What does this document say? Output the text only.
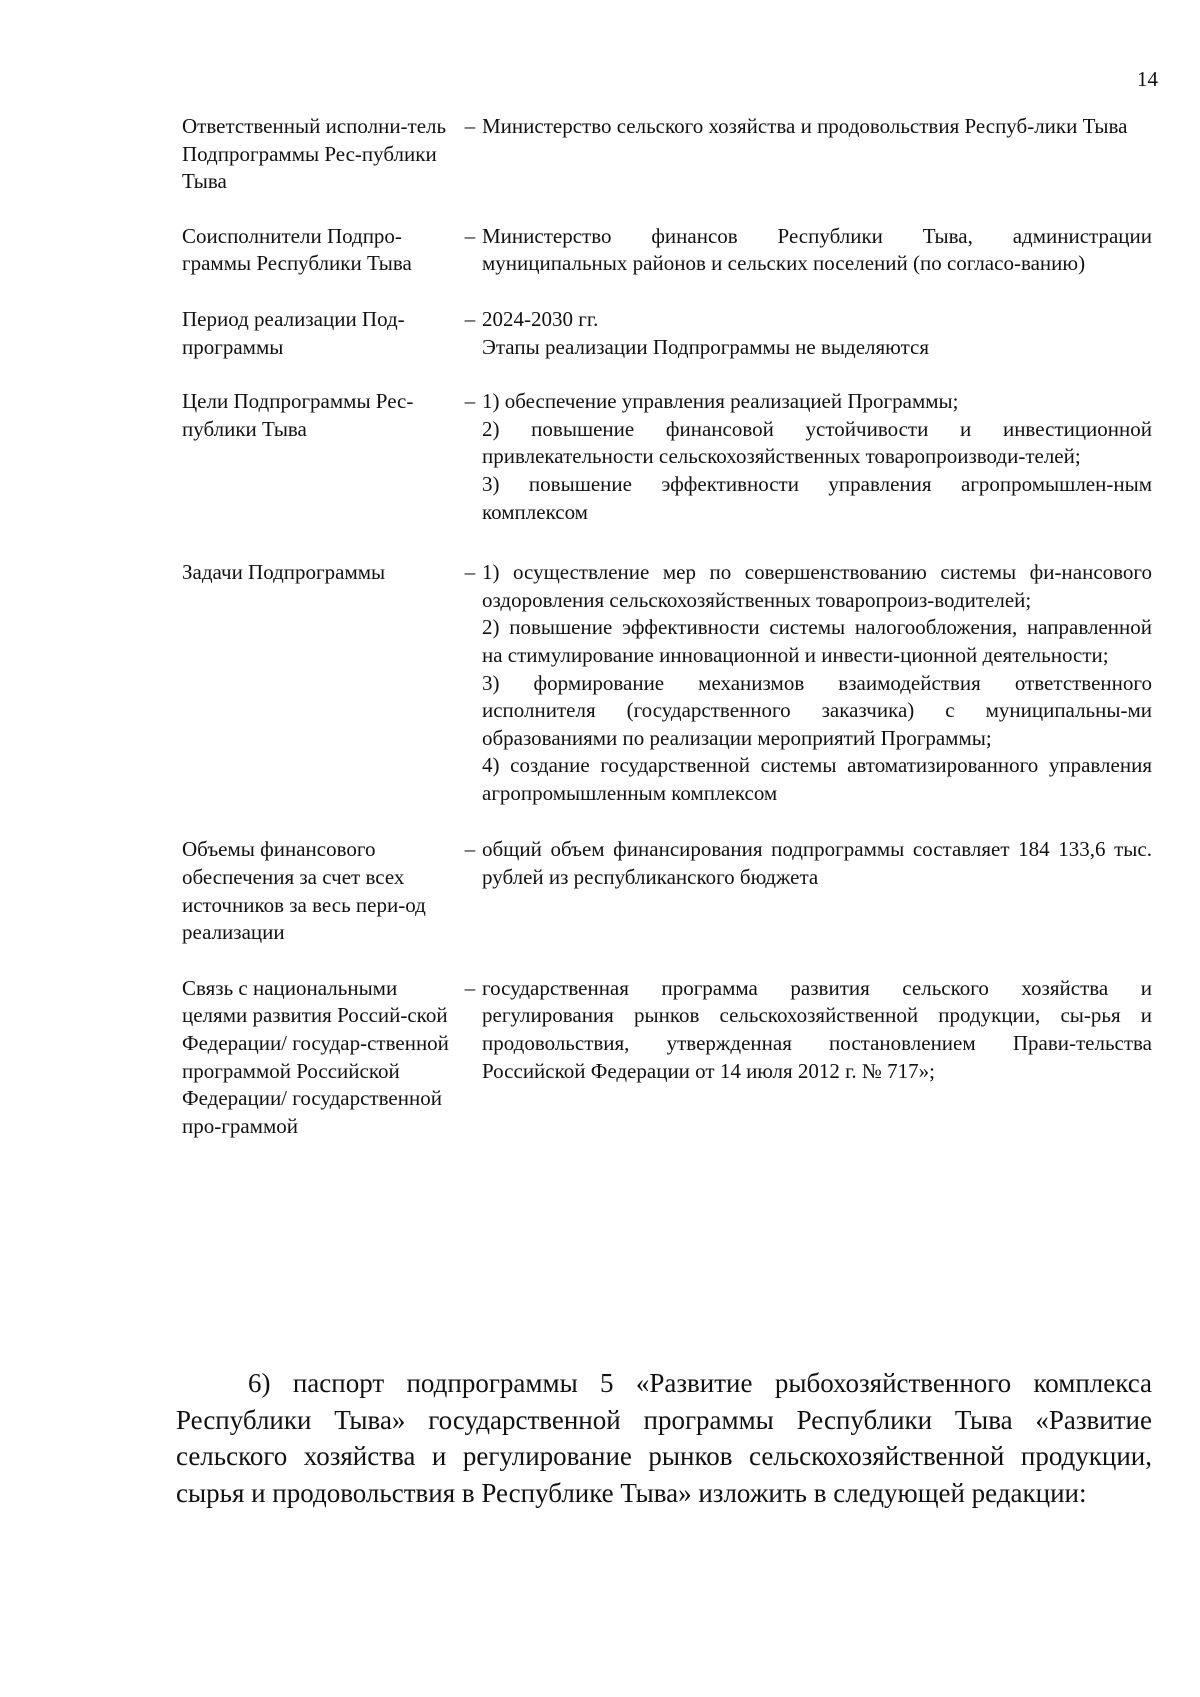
14
Ответственный исполни-тель Подпрограммы Рес-публики Тыва
– Министерство сельского хозяйства и продовольствия Респуб-лики Тыва
Соисполнители Подпро-граммы Республики Тыва
– Министерство финансов Республики Тыва, администрации муниципальных районов и сельских поселений (по согласо-ванию)
Период реализации Под-программы
– 2024-2030 гг.
Этапы реализации Подпрограммы не выделяются
Цели Подпрограммы Рес-публики Тыва
– 1) обеспечение управления реализацией Программы;
2) повышение финансовой устойчивости и инвестиционной привлекательности сельскохозяйственных товаропроизводи-телей;
3) повышение эффективности управления агропромышлен-ным комплексом
Задачи Подпрограммы	– 1) осуществление мер по совершенствованию системы фи-нансового оздоровления сельскохозяйственных товаропроиз-водителей;
2) повышение эффективности системы налогообложения, направленной на стимулирование инновационной и инвести-ционной деятельности;
3) формирование механизмов взаимодействия ответственного исполнителя (государственного заказчика) с муниципальны-ми образованиями по реализации мероприятий Программы;
4) создание государственной системы автоматизированного управления агропромышленным комплексом
Объемы финансового обеспечения за счет всех источников за весь пери-од реализации
– общий объем финансирования подпрограммы составляет 184 133,6 тыс. рублей из республиканского бюджета
Связь с национальными целями развития Россий-ской Федерации/ государ-ственной программой Российской Федерации/ государственной про-граммой
– государственная программа развития сельского хозяйства и регулирования рынков сельскохозяйственной продукции, сы-рья и продовольствия, утвержденная постановлением Прави-тельства Российской Федерации от 14 июля 2012 г. № 717»;

6) паспорт подпрограммы 5 «Развитие рыбохозяйственного комплекса Республики Тыва» государственной программы Республики Тыва «Развитие сельского хозяйства и регулирование рынков сельскохозяйственной продукции, сырья и продовольствия в Республике Тыва» изложить в следующей редакции:
